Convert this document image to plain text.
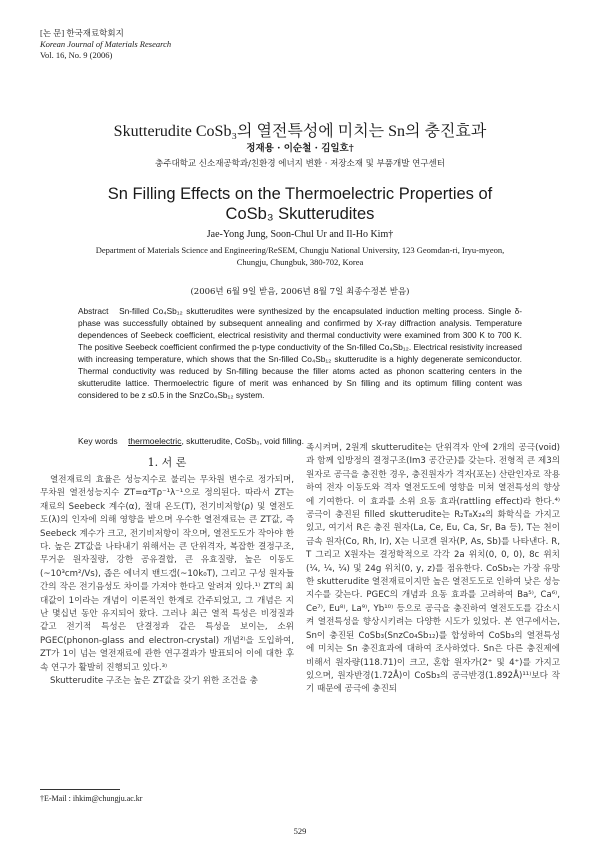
[논 문] 한국재료학회지
Korean Journal of Materials Research
Vol. 16, No. 9 (2006)
Skutterudite CoSb₃의 열전특성에 미치는 Sn의 충진효과
정재용 · 이순철 · 김일호†
충주대학교 신소재공학과/친환경 에너지 변환 · 저장소재 및 부품개발 연구센터
Sn Filling Effects on the Thermoelectric Properties of
CoSb₃ Skutterudites
Jae-Yong Jung, Soon-Chul Ur and Il-Ho Kim†
Department of Materials Science and Engineering/ReSEM, Chungju National University, 123 Geomdan-ri, Iryu-myeon, Chungju, Chungbuk, 380-702, Korea
(2006년 6월 9일 받음, 2006년 8월 7일 최종수정본 받음)
Abstract Sn-filled Co₄Sb₁₂ skutterudites were synthesized by the encapsulated induction melting process. Single δ-phase was successfully obtained by subsequent annealing and confirmed by X-ray diffraction analysis. Temperature dependences of Seebeck coefficient, electrical resistivity and thermal conductivity were examined from 300 K to 700 K. The positive Seebeck coefficient confirmed the p-type conductivity of the Sn-filled Co₄Sb₁₂. Electrical resistivity increased with increasing temperature, which shows that the Sn-filled Co₄Sb₁₂ skutterudite is a highly degenerate semiconductor. Thermal conductivity was reduced by Sn-filling because the filler atoms acted as phonon scattering centers in the skutterudite lattice. Thermoelectric figure of merit was enhanced by Sn filling and its optimum filling content was considered to be z ≤0.5 in the SnzCo₄Sb₁₂ system.
Key words thermoelectric, skutterudite, CoSb₃, void filling.
1. 서 론

열전재료의 효율은 성능지수로 불리는 무차원 변수로 정가되며, 무차원 열전성능지수 ZT=α²Tρ⁻¹λ⁻¹으로 정의된다. 따라서 ZT는 재료의 Seebeck 계수(α), 절대 온도(T), 전기비저항(ρ) 및 열전도도(λ)의 인자에 의해 영향을 받으며 우수한 열전재료는 큰 ZT값, 즉 Seebeck 계수가 크고, 전기비저항이 작으며, 열전도도가 작아야 한다. 높은 ZT값을 나타내기 위해서는 큰 단위격자, 복잡한 결정구조, 무거운 원자질량, 강한 공유결합, 큰 유효질량, 높은 이동도(~10³cm²/Vs), 좁은 에너지 밴드갭(~10k₀T), 그리고 구성 원자들간의 작은 전기음성도 차이를 가져야 한다고 알려져 있다.¹⁾ ZT의 최대값이 1이라는 개념이 이론적인 한계로 간주되었고, 그 개념은 지난 몇십년 동안 유지되어 왔다. 그러나 최근 열적 특성은 비정질과 같고 전기적 특성은 단결정과 같은 특성을 보이는, 소위 PGEC(phonon-glass and electron-crystal) 개념²⁾을 도입하여, ZT가 1이 넘는 열전재료에 관한 연구결과가 발표되어 이에 대한 후속 연구가 활발히 진행되고 있다.³⁾

Skutterudite 구조는 높은 ZT값을 갖기 위한 조건을 충

족시켜며, 2원계 skutterudite는 단위격자 안에 2개의 공극(void)과 함께 입방정의 결정구조(Im3 공간군)를 갖는다. 전형적 큰 제3의 원자로 공극을 충진한 경우, 충진원자가 격자(포논) 산란인자로 작용하여 전자 이동도와 격자 열전도도에 영향을 미쳐 열전특성의 향상에 기여한다. 이 효과를 소위 요동 효과(rattling effect)라 한다.⁴⁾ 공극이 충진된 filled skutterudite는 R₂T₈X₂₄의 화학식을 가지고 있고, 여기서 R은 충진 원자(La, Ce, Eu, Ca, Sr, Ba 등), T는 천이금속 원자(Co, Rh, Ir), X는 니코겐 원자(P, As, Sb)를 나타낸다. R, T 그리고 X원자는 결정학적으로 각각 2a 위치(0, 0, 0), 8c 위치(¼, ¼, ¼) 및 24g 위치(0, y, z)를 점유한다. CoSb₃는 가장 유망한 skutterudite 열전재료이지만 높은 열전도도로 인하여 낮은 성능지수를 갖는다. PGEC의 개념과 요동 효과를 고려하여 Ba⁵⁾, Ca⁶⁾, Ce⁷⁾, Eu⁸⁾, La⁹⁾, Yb¹⁰⁾ 등으로 공극을 충진하여 열전도도를 감소시켜 열전특성을 향상시키려는 다양한 시도가 있었다. 본 연구에서는, Sn이 충진된 CoSb₃(SnzCo₄Sb₁₂)를 합성하여 CoSb₃의 열전특성에 미치는 Sn 충진효과에 대하여 조사하였다. Sn은 다른 충진제에 비해서 원자량(118.71)이 크고, 혼합 원자가(2⁺ 및 4⁺)를 가지고 있으며, 원자반경(1.72Å)이 CoSb₃의 공극반경(1.892Å)¹¹⁾보다 작기 때문에 공극에 충진되

†E-Mail : ihkim@chungju.ac.kr
529
